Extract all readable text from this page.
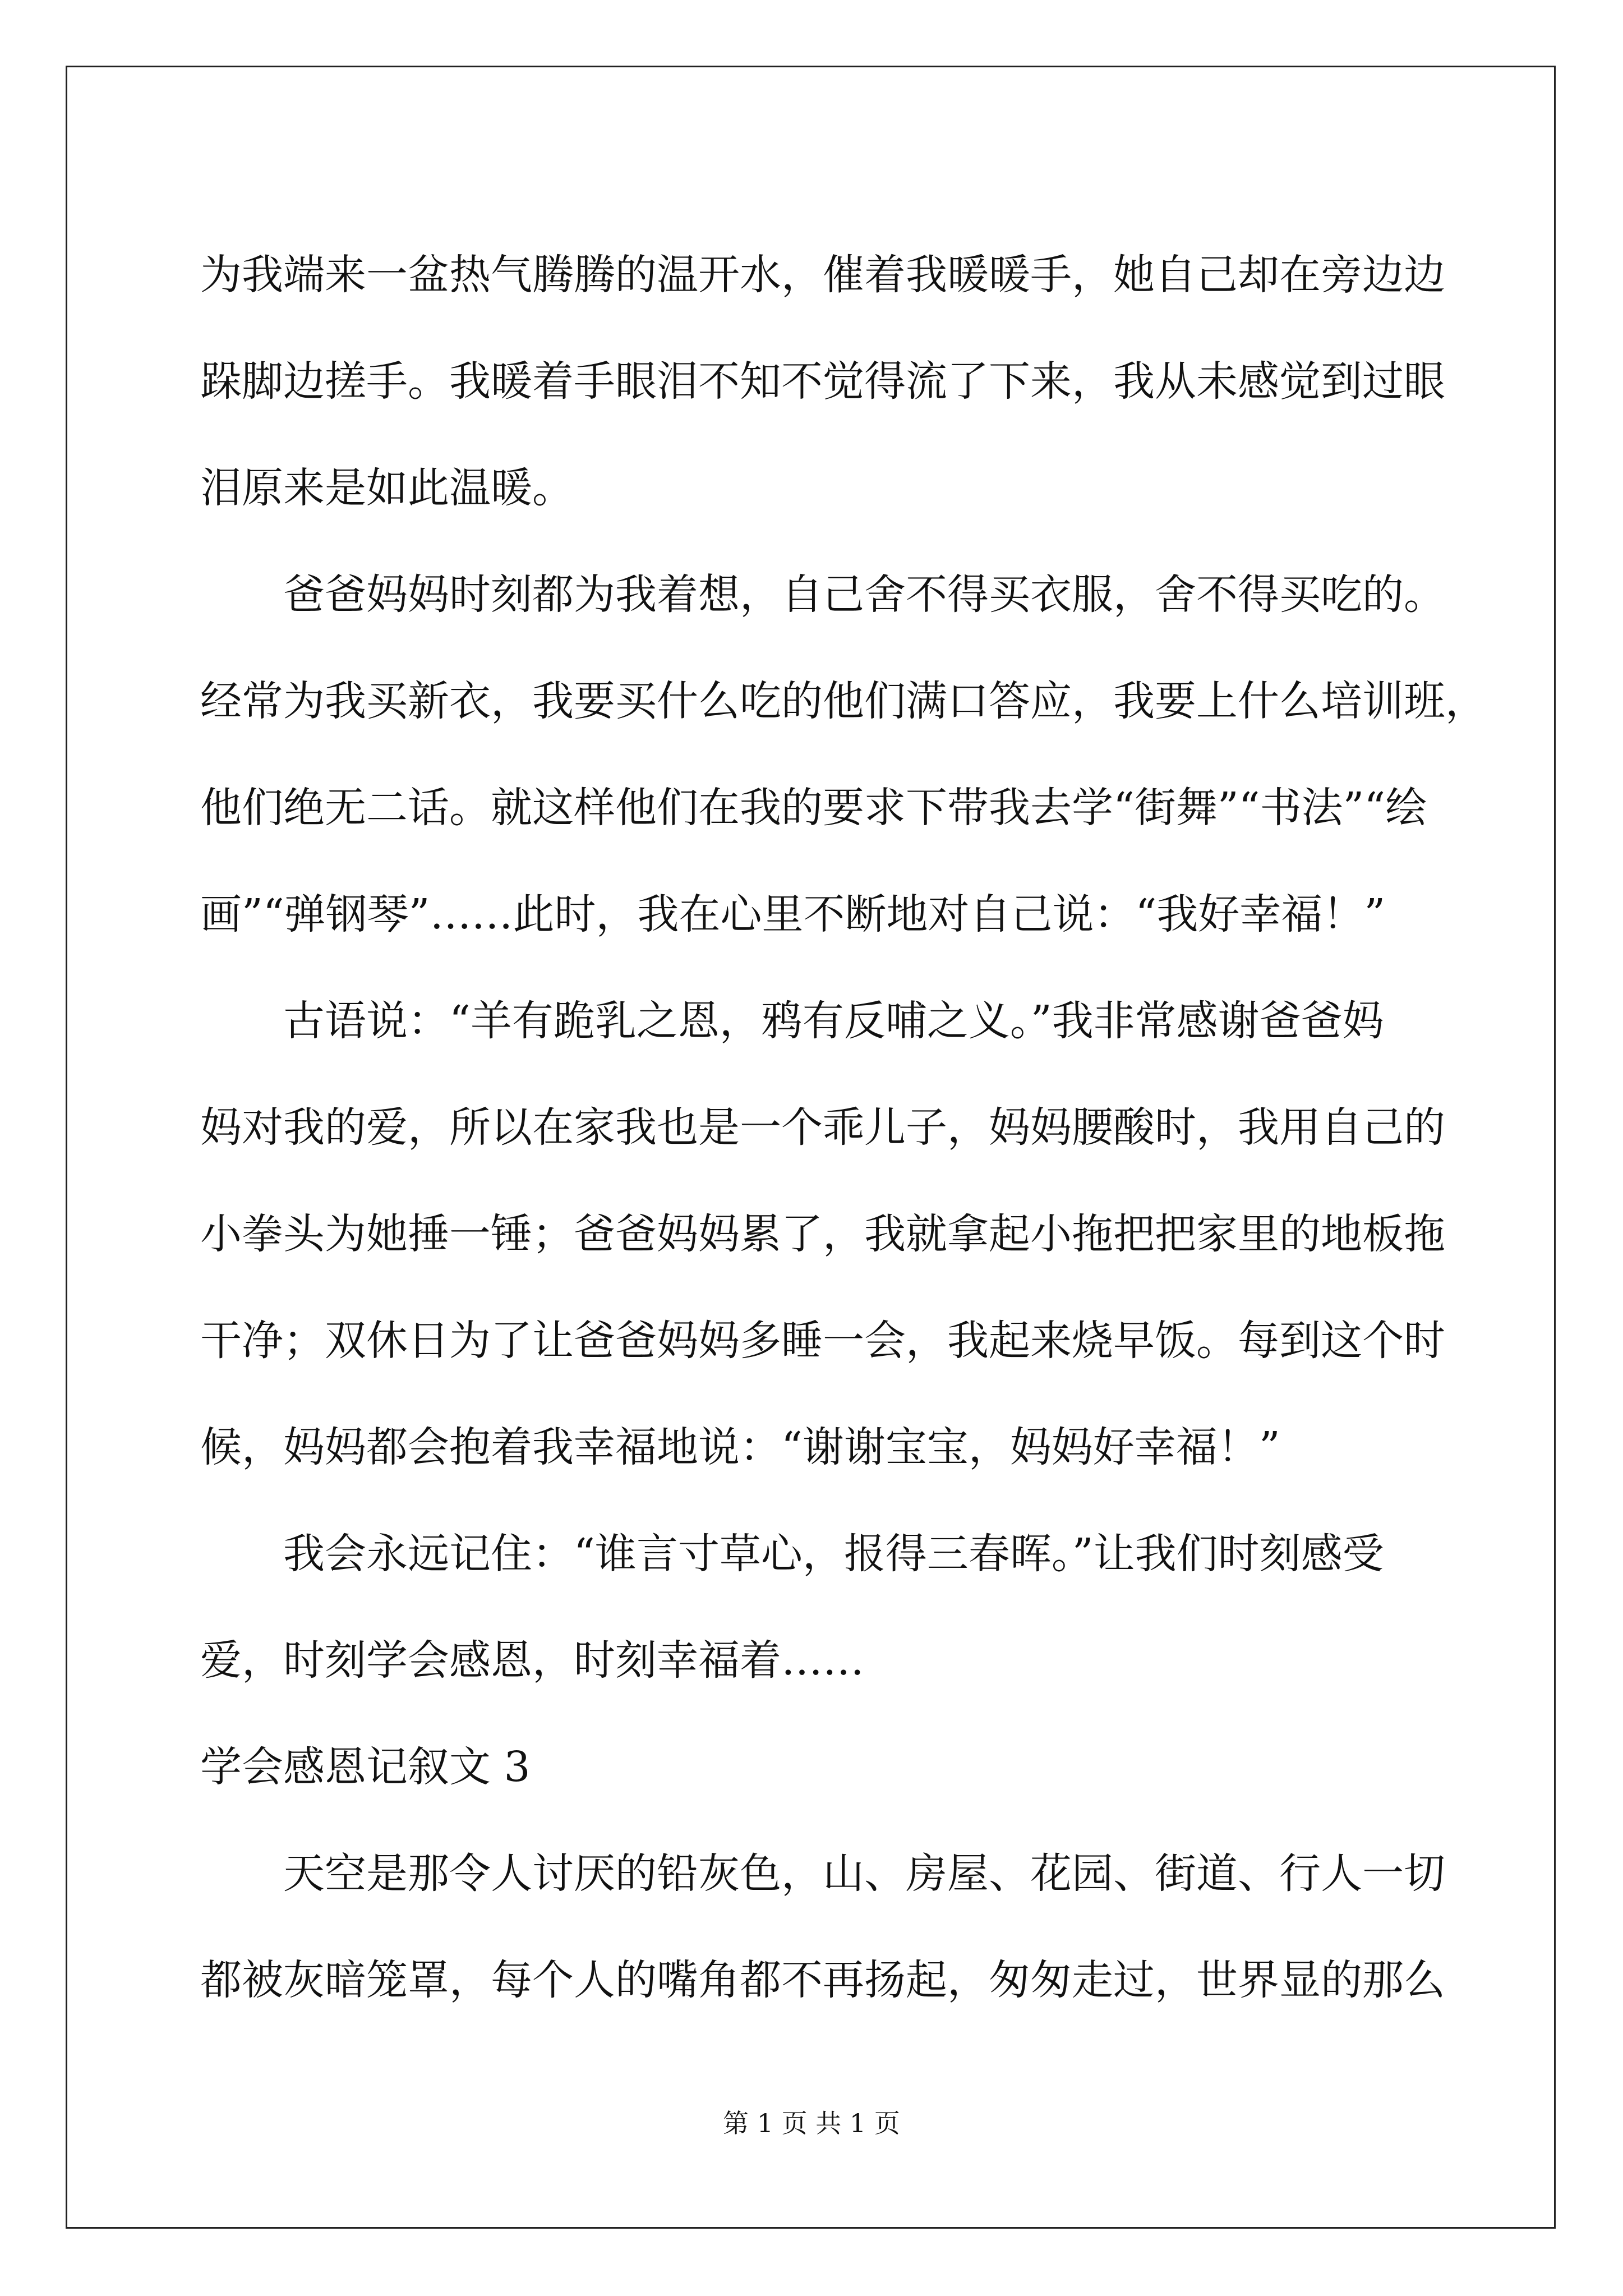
为我端来一盆热气腾腾的温开水，催着我暖暖手，她自己却在旁边边
跺脚边搓手。我暖着手眼泪不知不觉得流了下来，我从未感觉到过眼
泪原来是如此温暖。
爸爸妈妈时刻都为我着想，自己舍不得买衣服，舍不得买吃的。
经常为我买新衣，我要买什么吃的他们满口答应，我要上什么培训班，
他们绝无二话。就这样他们在我的要求下带我去学“街舞”“书法”“绘
画”“弹钢琴”……此时，我在心里不断地对自己说：“我好幸福！”
古语说：“羊有跪乳之恩，鸦有反哺之义。”我非常感谢爸爸妈
妈对我的爱，所以在家我也是一个乖儿子，妈妈腰酸时，我用自己的
小拳头为她捶一锤；爸爸妈妈累了，我就拿起小拖把把家里的地板拖
干净；双休日为了让爸爸妈妈多睡一会，我起来烧早饭。每到这个时
候，妈妈都会抱着我幸福地说：“谢谢宝宝，妈妈好幸福！”
我会永远记住：“谁言寸草心，报得三春晖。”让我们时刻感受
爱，时刻学会感恩，时刻幸福着……
学会感恩记叙文 3
天空是那令人讨厌的铅灰色，山、房屋、花园、街道、行人一切
都被灰暗笼罩，每个人的嘴角都不再扬起，匆匆走过，世界显的那么
第 1 页 共 1 页
